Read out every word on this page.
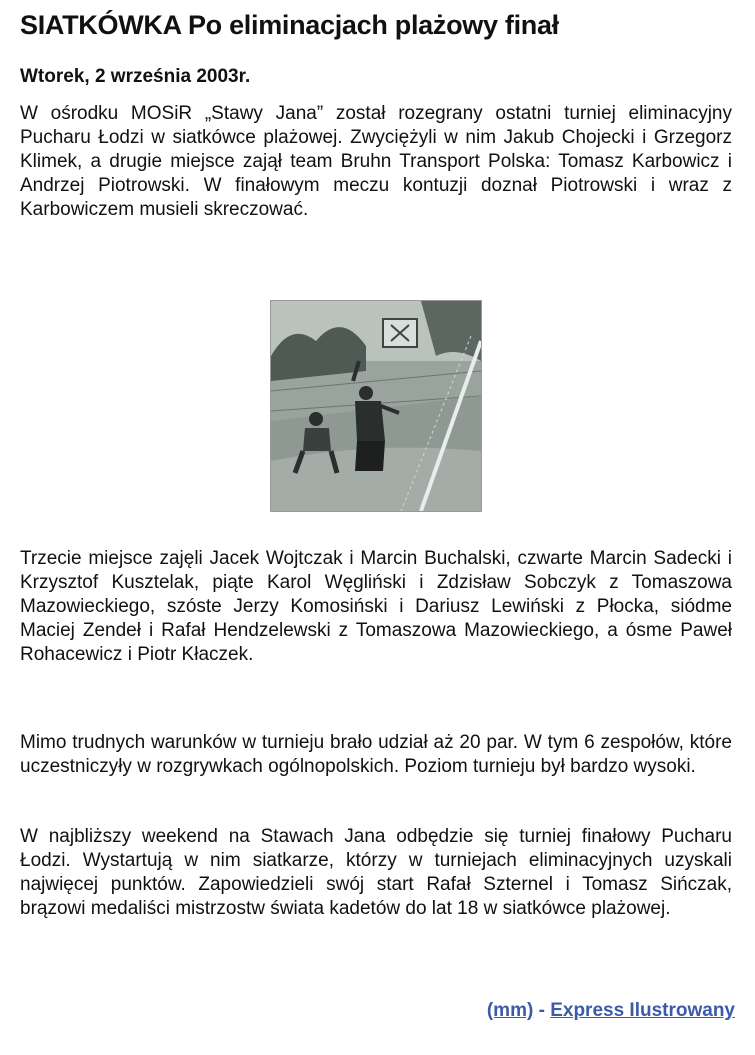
SIATKÓWKA Po eliminacjach plażowy finał
Wtorek, 2 września 2003r.

W ośrodku MOSiR „Stawy Jana” został rozegrany ostatni turniej eliminacyjny Pucharu Łodzi w siatkówce plażowej. Zwyciężyli w nim Jakub Chojecki i Grzegorz Klimek, a drugie miejsce zajął team Bruhn Transport Polska: Tomasz Karbowicz i Andrzej Piotrowski. W finałowym meczu kontuzji doznał Piotrowski i wraz z Karbowiczem musieli skreczować.

Trzecie miejsce zajęli Jacek Wojtczak i Marcin Buchalski, czwarte Marcin Sadecki i Krzysztof Kusztelak, piąte Karol Węgliński i Zdzisław Sobczyk z Tomaszowa Mazowieckiego, szóste Jerzy Komosiński i Dariusz Lewiński z Płocka, siódme Maciej Zendeł i Rafał Hendzelewski z Tomaszowa Mazowieckiego, a ósme Paweł Rohacewicz i Piotr Kłaczek.

Mimo trudnych warunków w turnieju brało udział aż 20 par. W tym 6 zespołów, które uczestniczyły w rozgrywkach ogólnopolskich. Poziom turnieju był bardzo wysoki.

W najbliższy weekend na Stawach Jana odbędzie się turniej finałowy Pucharu Łodzi. Wystartują w nim siatkarze, którzy w turniejach eliminacyjnych uzyskali najwięcej punktów. Zapowiedzieli swój start Rafał Szternel i Tomasz Sińczak, brązowi medaliści mistrzostw świata kadetów do lat 18 w siatkówce plażowej.

(mm) - Express Ilustrowany
